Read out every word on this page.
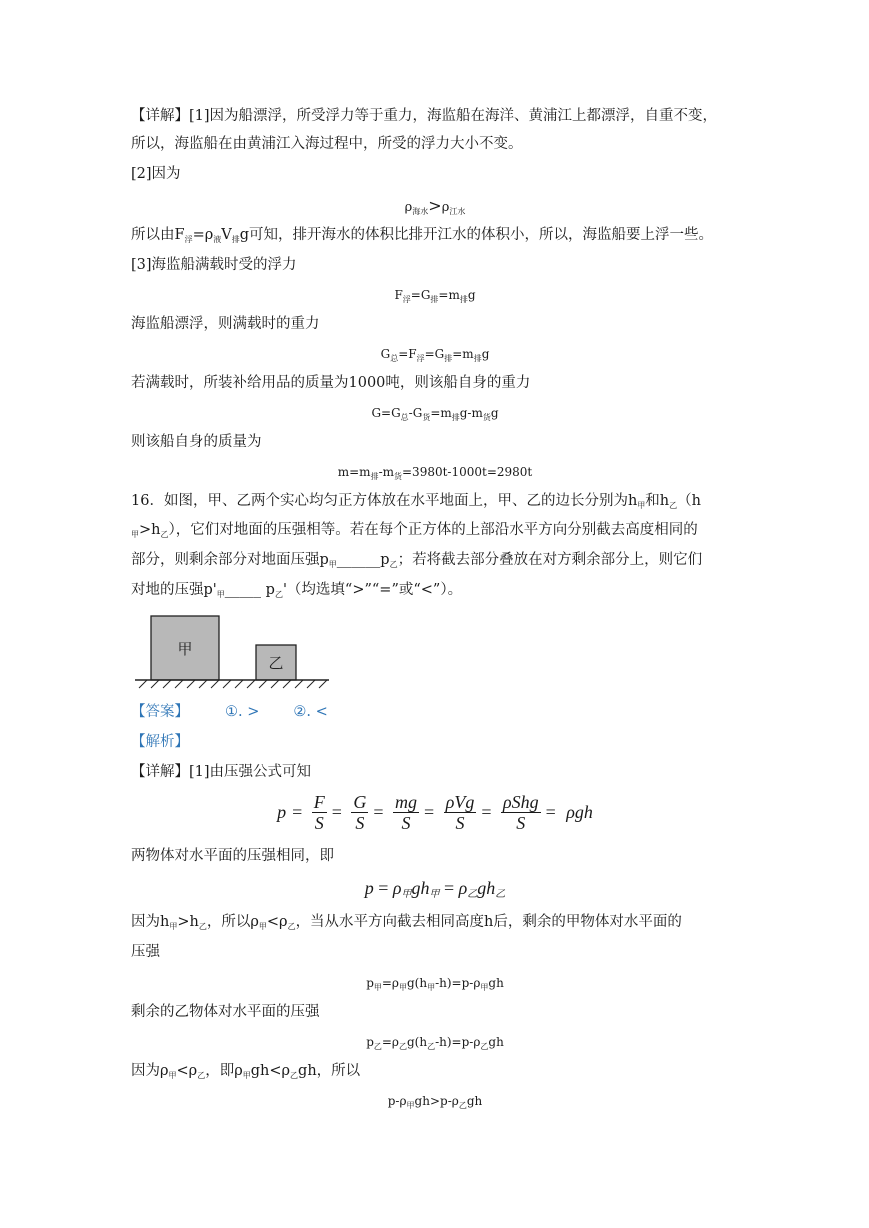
【详解】[1]因为船漂浮，所受浮力等于重力，海监船在海洋、黄浦江上都漂浮，自重不变，
所以，海监船在由黄浦江入海过程中，所受的浮力大小不变。
[2]因为
$\rho_{海水}>\rho_{江水}$
所以由$F_浮=\rho_液V_排g$可知，排开海水的体积比排开江水的体积小，所以，海监船要上浮一些。
[3]海监船满载时受的浮力
$F_浮=G_排=m_排g$
海监船漂浮，则满载时的重力
$G_总=F_浮=G_排=m_排g$
若满载时，所装补给用品的质量为1000吨，则该船自身的重力
$G=G_总-G_货=m_排g-m_货g$
则该船自身的质量为
$m=m_排-m_货=3980t-1000t=2980t$
16．如图，甲、乙两个实心均匀正方体放在水平地面上，甲、乙的边长分别为$h_甲$和$h_乙(h$
$_甲>h_乙$），它们对地面的压强相等。若在每个正方体的上部沿水平方向分别截去高度相同的
部分，则剩余部分对地面压强$p_甲\_\_\_\_\_\_p_乙$；若将截去部分叠放在对方剩余部分上，则它们
对地的压强$p'_甲\_\_\_\_\_$ $p_乙'$（均选填“>”“=”或“<”）。
甲
乙
【答案】 ①. > ②. <
【解析】
【详解】[1]由压强公式可知
$p = \frac{F}{S} = \frac{G}{S} = \frac{mg}{S} = \frac{\text{ρVg}}{S} = \frac{\text{ρShg}}{S} = \rho gh$
两物体对水平面的压强相同，即
$p = \rho_甲gh_甲 = \rho_乙gh_乙$
因为$h_甲>h_乙$，所以$\rho_甲<\rho_乙$，当从水平方向截去相同高度h后，剩余的甲物体对水平面的
压强
$p_甲=\rho_甲g(h_甲-h)=p-\rho_甲gh$
剩余的乙物体对水平面的压强
$p_乙=\rho_乙g(h_乙-h)=p-\rho_乙gh$
因为$\rho_甲<\rho_乙$，即$\rho_甲gh<\rho_乙gh$，所以
$p-\rho_甲gh>p-\rho_乙gh$
